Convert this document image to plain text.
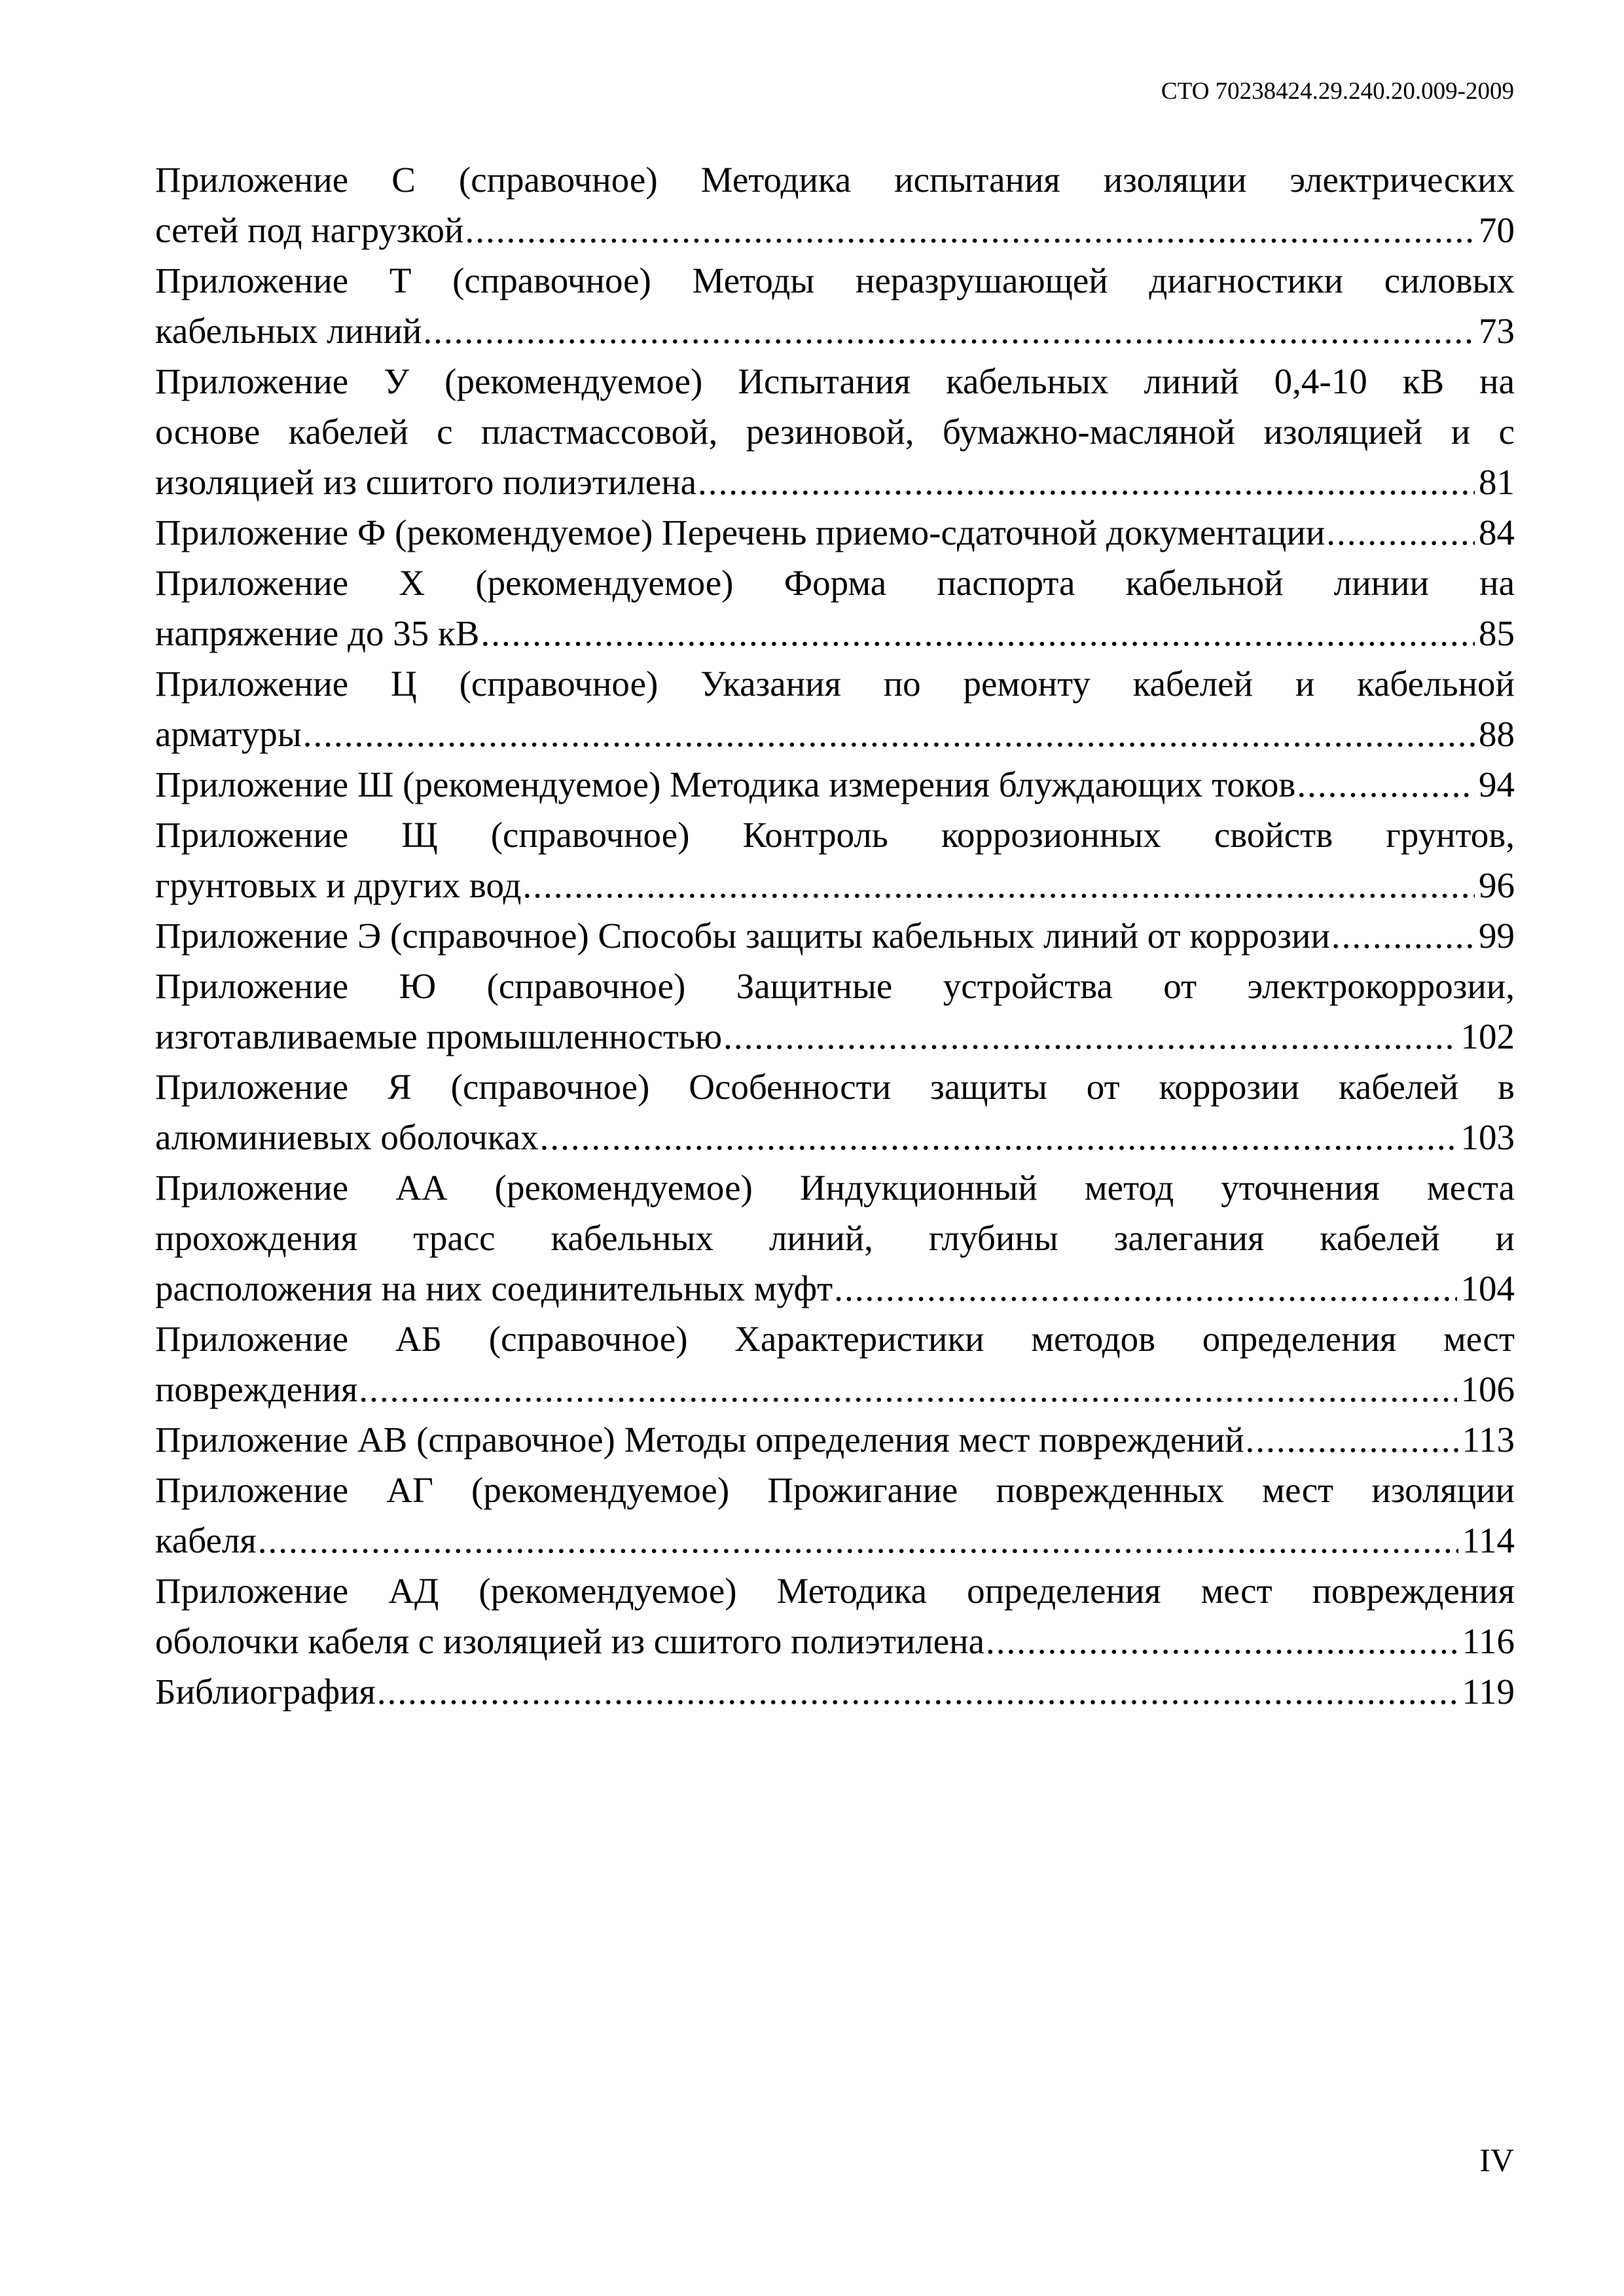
СТО 70238424.29.240.20.009-2009
Приложение С (справочное) Методика испытания изоляции электрических
сетей под нагрузкой .....	70
Приложение Т (справочное) Методы неразрушающей диагностики силовых
кабельных линий .....	73
Приложение У (рекомендуемое) Испытания кабельных линий 0,4-10 кВ на
основе кабелей с пластмассовой, резиновой, бумажно-масляной изоляцией и с
изоляцией из сшитого полиэтилена .....	81
Приложение Ф (рекомендуемое) Перечень приемо-сдаточной документации .....	84
Приложение Х (рекомендуемое) Форма паспорта кабельной линии на
напряжение до 35 кВ .....	85
Приложение Ц (справочное) Указания по ремонту кабелей и кабельной
арматуры .....	88
Приложение Ш (рекомендуемое) Методика измерения блуждающих токов .....	94
Приложение Щ (справочное) Контроль коррозионных свойств грунтов,
грунтовых и других вод .....	96
Приложение Э (справочное) Способы защиты кабельных линий от коррозии .....	99
Приложение Ю (справочное) Защитные устройства от электрокоррозии,
изготавливаемые промышленностью .....	102
Приложение Я (справочное) Особенности защиты от коррозии кабелей в
алюминиевых оболочках .....	103
Приложение АА (рекомендуемое) Индукционный метод уточнения места
прохождения трасс кабельных линий, глубины залегания кабелей и
расположения на них соединительных муфт .....	104
Приложение АБ (справочное) Характеристики методов определения мест
повреждения .....	106
Приложение АВ (справочное) Методы определения мест повреждений .....	113
Приложение АГ (рекомендуемое) Прожигание поврежденных мест изоляции
кабеля .....	114
Приложение АД (рекомендуемое) Методика определения мест повреждения
оболочки кабеля с изоляцией из сшитого полиэтилена .....	116
Библиография .....	119
IV
